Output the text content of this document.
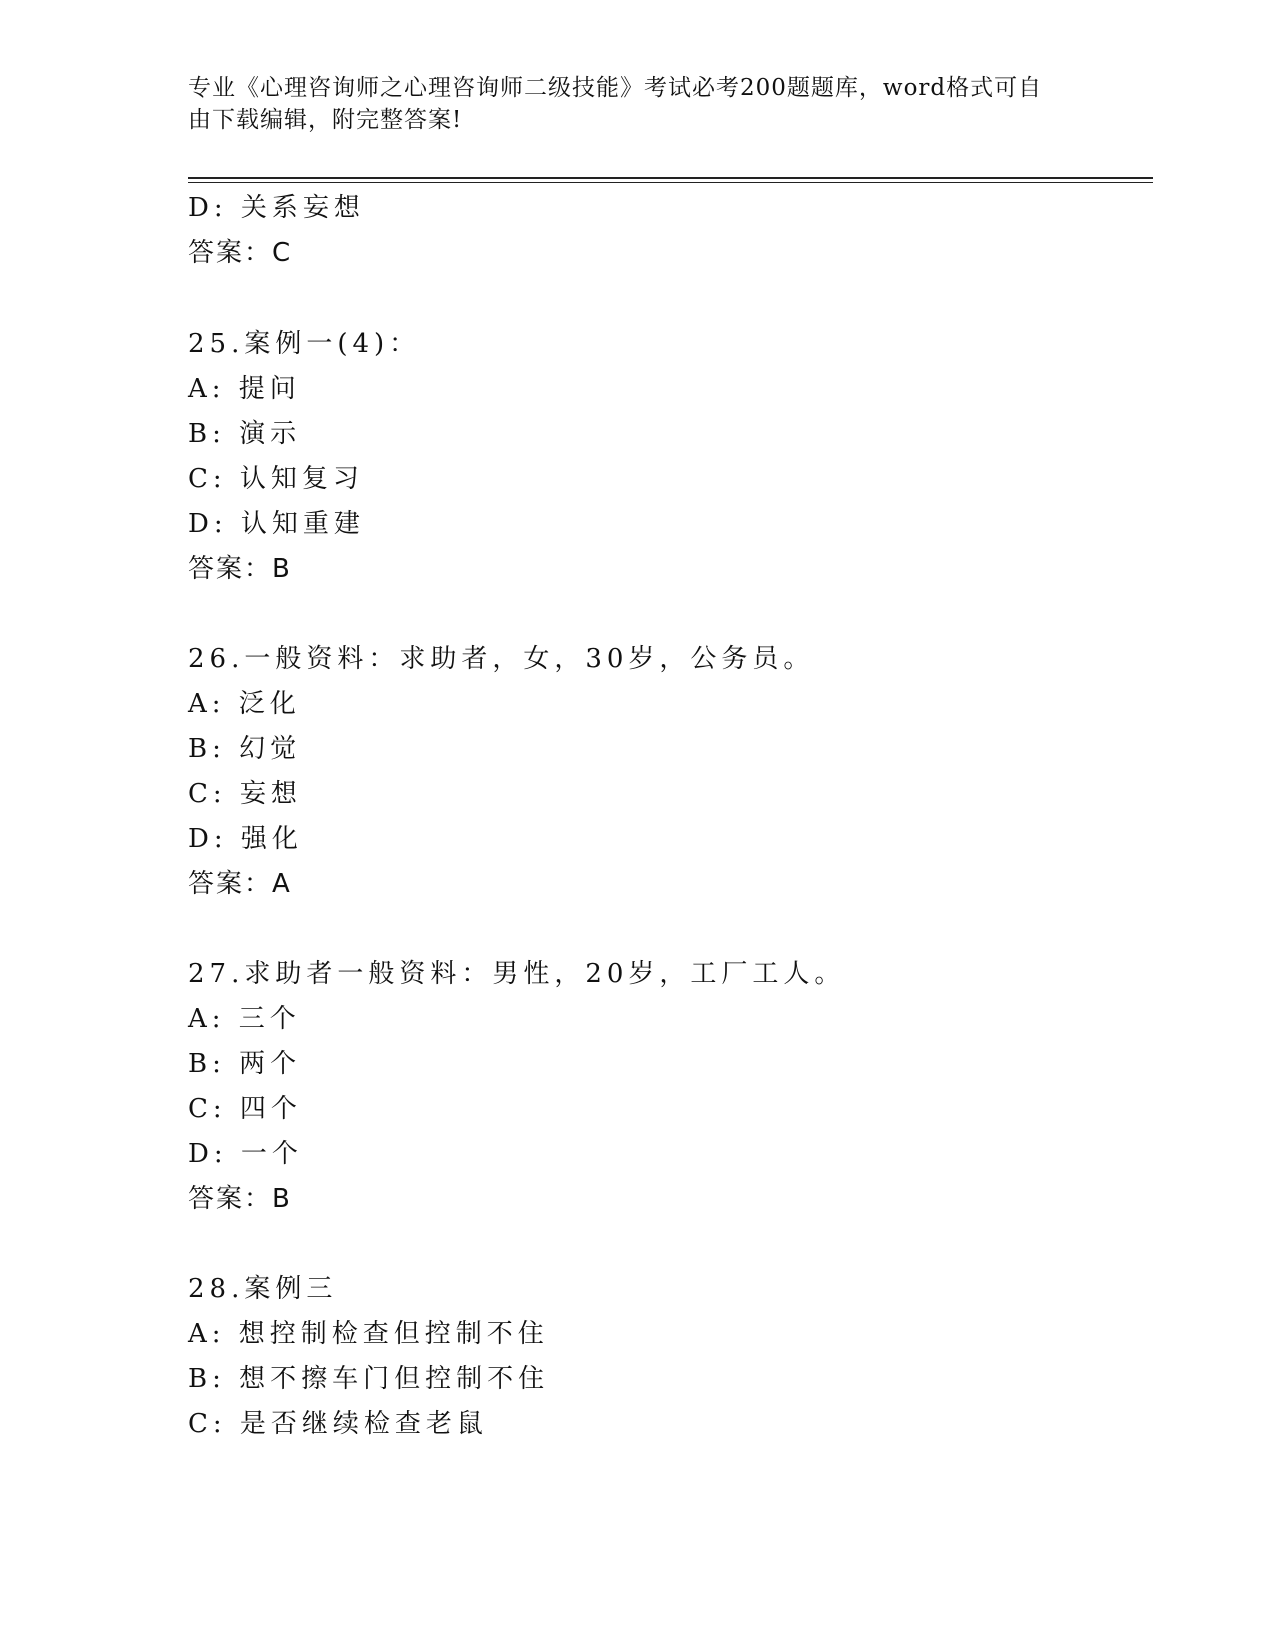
专业《心理咨询师之心理咨询师二级技能》考试必考200题题库，word格式可自
由下载编辑，附完整答案!
D: 关系妄想
答案：C
25.案例一(4)：
A: 提问
B: 演示
C: 认知复习
D: 认知重建
答案：B
26.一般资料：求助者，女，30岁，公务员。
A: 泛化
B: 幻觉
C: 妄想
D: 强化
答案：A
27.求助者一般资料：男性，20岁，工厂工人。
A: 三个
B: 两个
C: 四个
D: 一个
答案：B
28.案例三
A: 想控制检查但控制不住
B: 想不擦车门但控制不住
C: 是否继续检查老鼠
